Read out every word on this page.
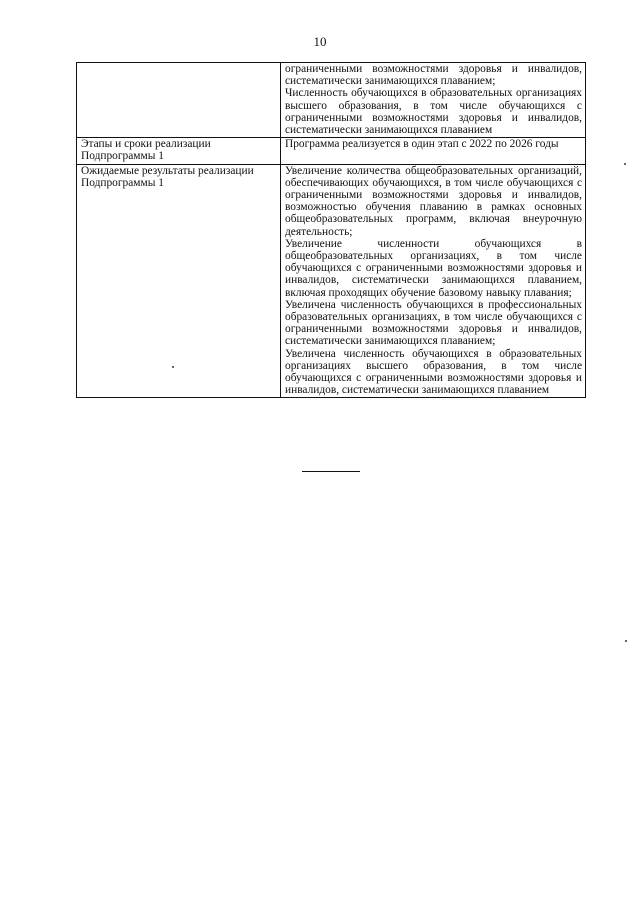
10

	ограниченными возможностями здоровья и инвалидов, систематически занимающихся плаванием;
Численность обучающихся в образовательных организациях высшего образования, в том числе обучающихся с ограниченными возможностями здоровья и инвалидов, систематически занимающихся плаванием

Этапы и сроки реализации Подпрограммы 1	Программа реализуется в один этап с 2022 по 2026 годы

Ожидаемые результаты реализации Подпрограммы 1	Увеличение количества общеобразовательных организаций, обеспечивающих обучающихся, в том числе обучающихся с ограниченными возможностями здоровья и инвалидов, возможностью обучения плаванию в рамках основных общеобразовательных программ, включая внеурочную деятельность;
Увеличение численности обучающихся в общеобразовательных организациях, в том числе обучающихся с ограниченными возможностями здоровья и инвалидов, систематически занимающихся плаванием, включая проходящих обучение базовому навыку плавания;
Увеличена численность обучающихся в профессиональных образовательных организациях, в том числе обучающихся с ограниченными возможностями здоровья и инвалидов, систематически занимающихся плаванием;
Увеличена численность обучающихся в образовательных организациях высшего образования, в том числе обучающихся с ограниченными возможностями здоровья и инвалидов, систематически занимающихся плаванием
